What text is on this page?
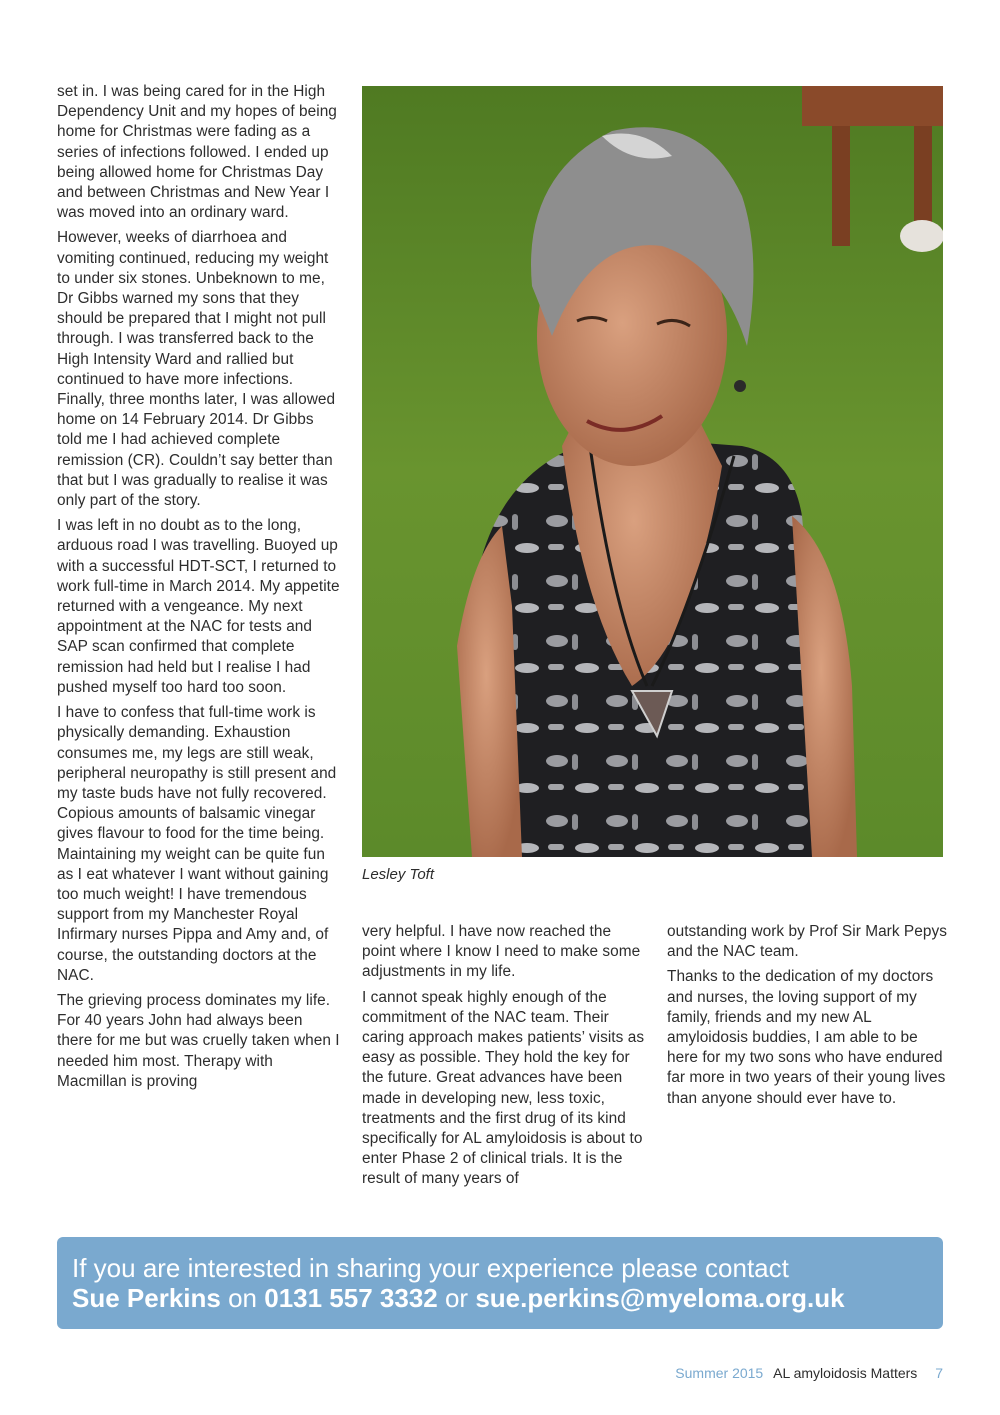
set in. I was being cared for in the High Dependency Unit and my hopes of being home for Christmas were fading as a series of infections followed. I ended up being allowed home for Christmas Day and between Christmas and New Year I was moved into an ordinary ward.

However, weeks of diarrhoea and vomiting continued, reducing my weight to under six stones. Unbeknown to me, Dr Gibbs warned my sons that they should be prepared that I might not pull through. I was transferred back to the High Intensity Ward and rallied but continued to have more infections. Finally, three months later, I was allowed home on 14 February 2014. Dr Gibbs told me I had achieved complete remission (CR). Couldn’t say better than that but I was gradually to realise it was only part of the story.

I was left in no doubt as to the long, arduous road I was travelling. Buoyed up with a successful HDT-SCT, I returned to work full-time in March 2014. My appetite returned with a vengeance. My next appointment at the NAC for tests and SAP scan confirmed that complete remission had held but I realise I had pushed myself too hard too soon.

I have to confess that full-time work is physically demanding. Exhaustion consumes me, my legs are still weak, peripheral neuropathy is still present and my taste buds have not fully recovered. Copious amounts of balsamic vinegar gives flavour to food for the time being. Maintaining my weight can be quite fun as I eat whatever I want without gaining too much weight! I have tremendous support from my Manchester Royal Infirmary nurses Pippa and Amy and, of course, the outstanding doctors at the NAC.

The grieving process dominates my life. For 40 years John had always been there for me but was cruelly taken when I needed him most. Therapy with Macmillan is proving

Lesley Toft

very helpful. I have now reached the point where I know I need to make some adjustments in my life.

I cannot speak highly enough of the commitment of the NAC team. Their caring approach makes patients’ visits as easy as possible. They hold the key for the future. Great advances have been made in developing new, less toxic, treatments and the first drug of its kind specifically for AL amyloidosis is about to enter Phase 2 of clinical trials. It is the result of many years of

outstanding work by Prof Sir Mark Pepys and the NAC team.

Thanks to the dedication of my doctors and nurses, the loving support of my family, friends and my new AL amyloidosis buddies, I am able to be here for my two sons who have endured far more in two years of their young lives than anyone should ever have to.

If you are interested in sharing your experience please contact
Sue Perkins on 0131 557 3332 or sue.perkins@myeloma.org.uk
Summer 2015 AL amyloidosis Matters 7
